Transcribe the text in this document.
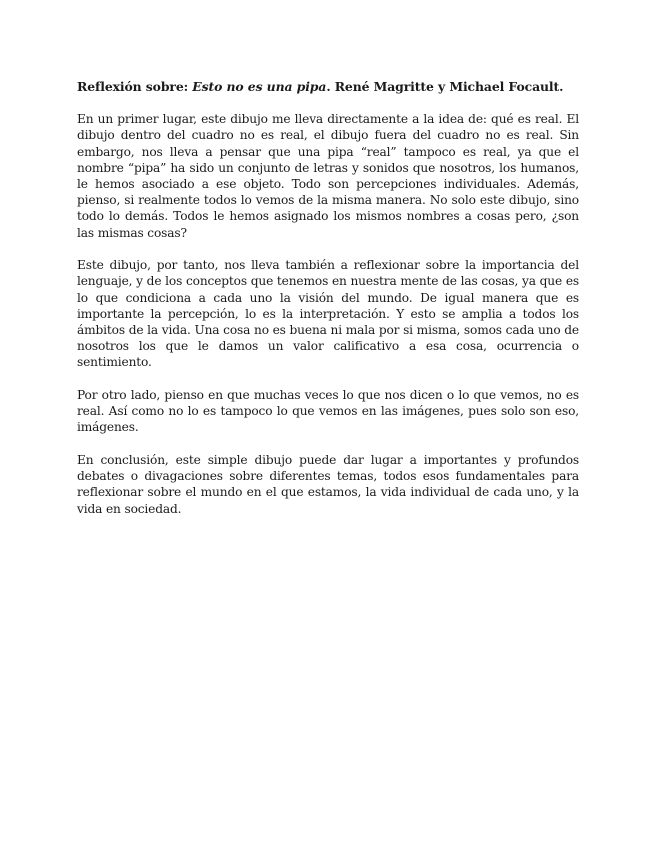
Reflexión sobre: Esto no es una pipa. René Magritte y Michael Focault.

En un primer lugar, este dibujo me lleva directamente a la idea de: qué es real. El dibujo dentro del cuadro no es real, el dibujo fuera del cuadro no es real. Sin embargo, nos lleva a pensar que una pipa “real” tampoco es real, ya que el nombre “pipa” ha sido un conjunto de letras y sonidos que nosotros, los humanos, le hemos asociado a ese objeto. Todo son percepciones individuales. Además, pienso, si realmente todos lo vemos de la misma manera. No solo este dibujo, sino todo lo demás. Todos le hemos asignado los mismos nombres a cosas pero, ¿son las mismas cosas?

Este dibujo, por tanto, nos lleva también a reflexionar sobre la importancia del lenguaje, y de los conceptos que tenemos en nuestra mente de las cosas, ya que es lo que condiciona a cada uno la visión del mundo. De igual manera que es importante la percepción, lo es la interpretación. Y esto se amplia a todos los ámbitos de la vida. Una cosa no es buena ni mala por si misma, somos cada uno de nosotros los que le damos un valor calificativo a esa cosa, ocurrencia o sentimiento.

Por otro lado, pienso en que muchas veces lo que nos dicen o lo que vemos, no es real. Así como no lo es tampoco lo que vemos en las imágenes, pues solo son eso, imágenes.

En conclusión, este simple dibujo puede dar lugar a importantes y profundos debates o divagaciones sobre diferentes temas, todos esos fundamentales para reflexionar sobre el mundo en el que estamos, la vida individual de cada uno, y la vida en sociedad.
